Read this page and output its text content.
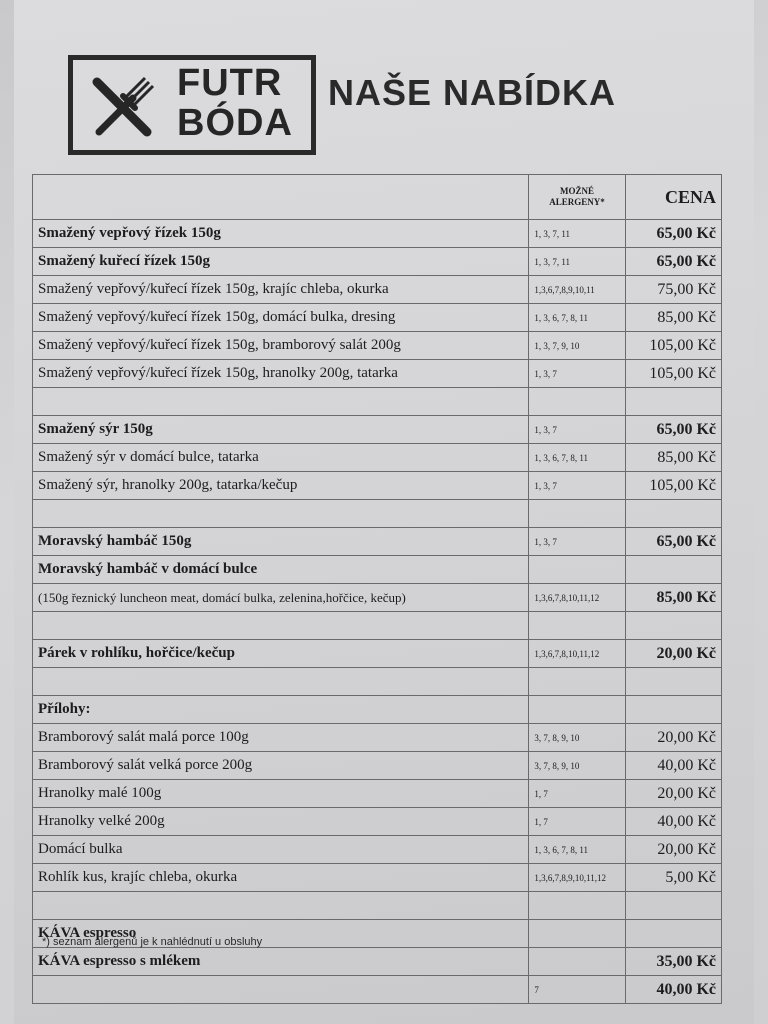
FUTR
BÓDA
NAŠE NABÍDKA

	MOŽNÉ
ALERGENY*	CENA
Smažený vepřový řízek 150g	1, 3, 7, 11	65,00 Kč
Smažený kuřecí řízek 150g	1, 3, 7, 11	65,00 Kč
Smažený vepřový/kuřecí řízek 150g, krajíc chleba, okurka	1,3,6,7,8,9,10,11	75,00 Kč
Smažený vepřový/kuřecí řízek 150g, domácí bulka, dresing	1, 3, 6, 7, 8, 11	85,00 Kč
Smažený vepřový/kuřecí řízek 150g, bramborový salát 200g	1, 3, 7, 9, 10	105,00 Kč
Smažený vepřový/kuřecí řízek 150g, hranolky 200g, tatarka	1, 3, 7	105,00 Kč

Smažený sýr 150g	1, 3, 7	65,00 Kč
Smažený sýr v domácí bulce, tatarka	1, 3, 6, 7, 8, 11	85,00 Kč
Smažený sýr, hranolky 200g, tatarka/kečup	1, 3, 7	105,00 Kč

Moravský hambáč 150g	1, 3, 7	65,00 Kč
Moravský hambáč v domácí bulce		
(150g řeznický luncheon meat, domácí bulka, zelenina,hořčice, kečup)	1,3,6,7,8,10,11,12	85,00 Kč

Párek v rohlíku, hořčice/kečup	1,3,6,7,8,10,11,12	20,00 Kč

Přílohy:		
Bramborový salát malá porce 100g	3, 7, 8, 9, 10	20,00 Kč
Bramborový salát velká porce 200g	3, 7, 8, 9, 10	40,00 Kč
Hranolky malé 100g	1, 7	20,00 Kč
Hranolky velké 200g	1, 7	40,00 Kč
Domácí bulka	1, 3, 6, 7, 8, 11	20,00 Kč
Rohlík kus, krajíc chleba, okurka	1,3,6,7,8,9,10,11,12	5,00 Kč

KÁVA espresso		
KÁVA espresso s mlékem		35,00 Kč
	7	40,00 Kč
*) seznam alergenů je k nahlédnutí u obsluhy
